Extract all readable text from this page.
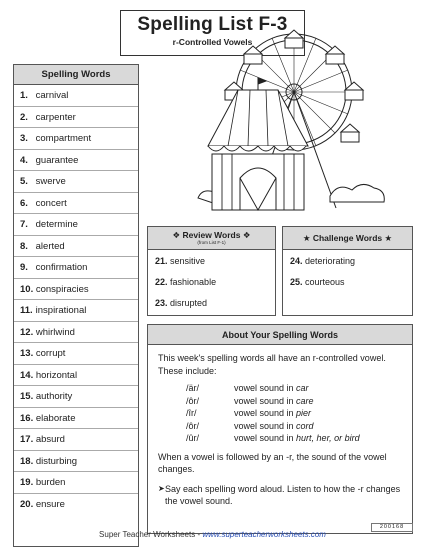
Spelling List F-3
r-Controlled Vowels
Spelling Words
1. carnival
2. carpenter
3. compartment
4. guarantee
5. swerve
6. concert
7. determine
8. alerted
9. confirmation
10. conspiracies
11. inspirational
12. whirlwind
13. corrupt
14. horizontal
15. authority
16. elaborate
17. absurd
18. disturbing
19. burden
20. ensure
❖ Review Words ❖
(from List F-1)
21. sensitive
22. fashionable
23. disrupted
★ Challenge Words ★
24. deteriorating
25. courteous
About Your Spelling Words
This week's spelling words all have an r-controlled vowel. These include:
/är/	vowel sound in car
/ôr/	vowel sound in care
/îr/	vowel sound in pier
/ôr/	vowel sound in cord
/ûr/	vowel sound in hurt, her, or bird
When a vowel is followed by an -r, the sound of the vowel changes.
➤ Say each spelling word aloud. Listen to how the -r changes the vowel sound.
Super Teacher Worksheets - www.superteacherworksheets.com
200168
